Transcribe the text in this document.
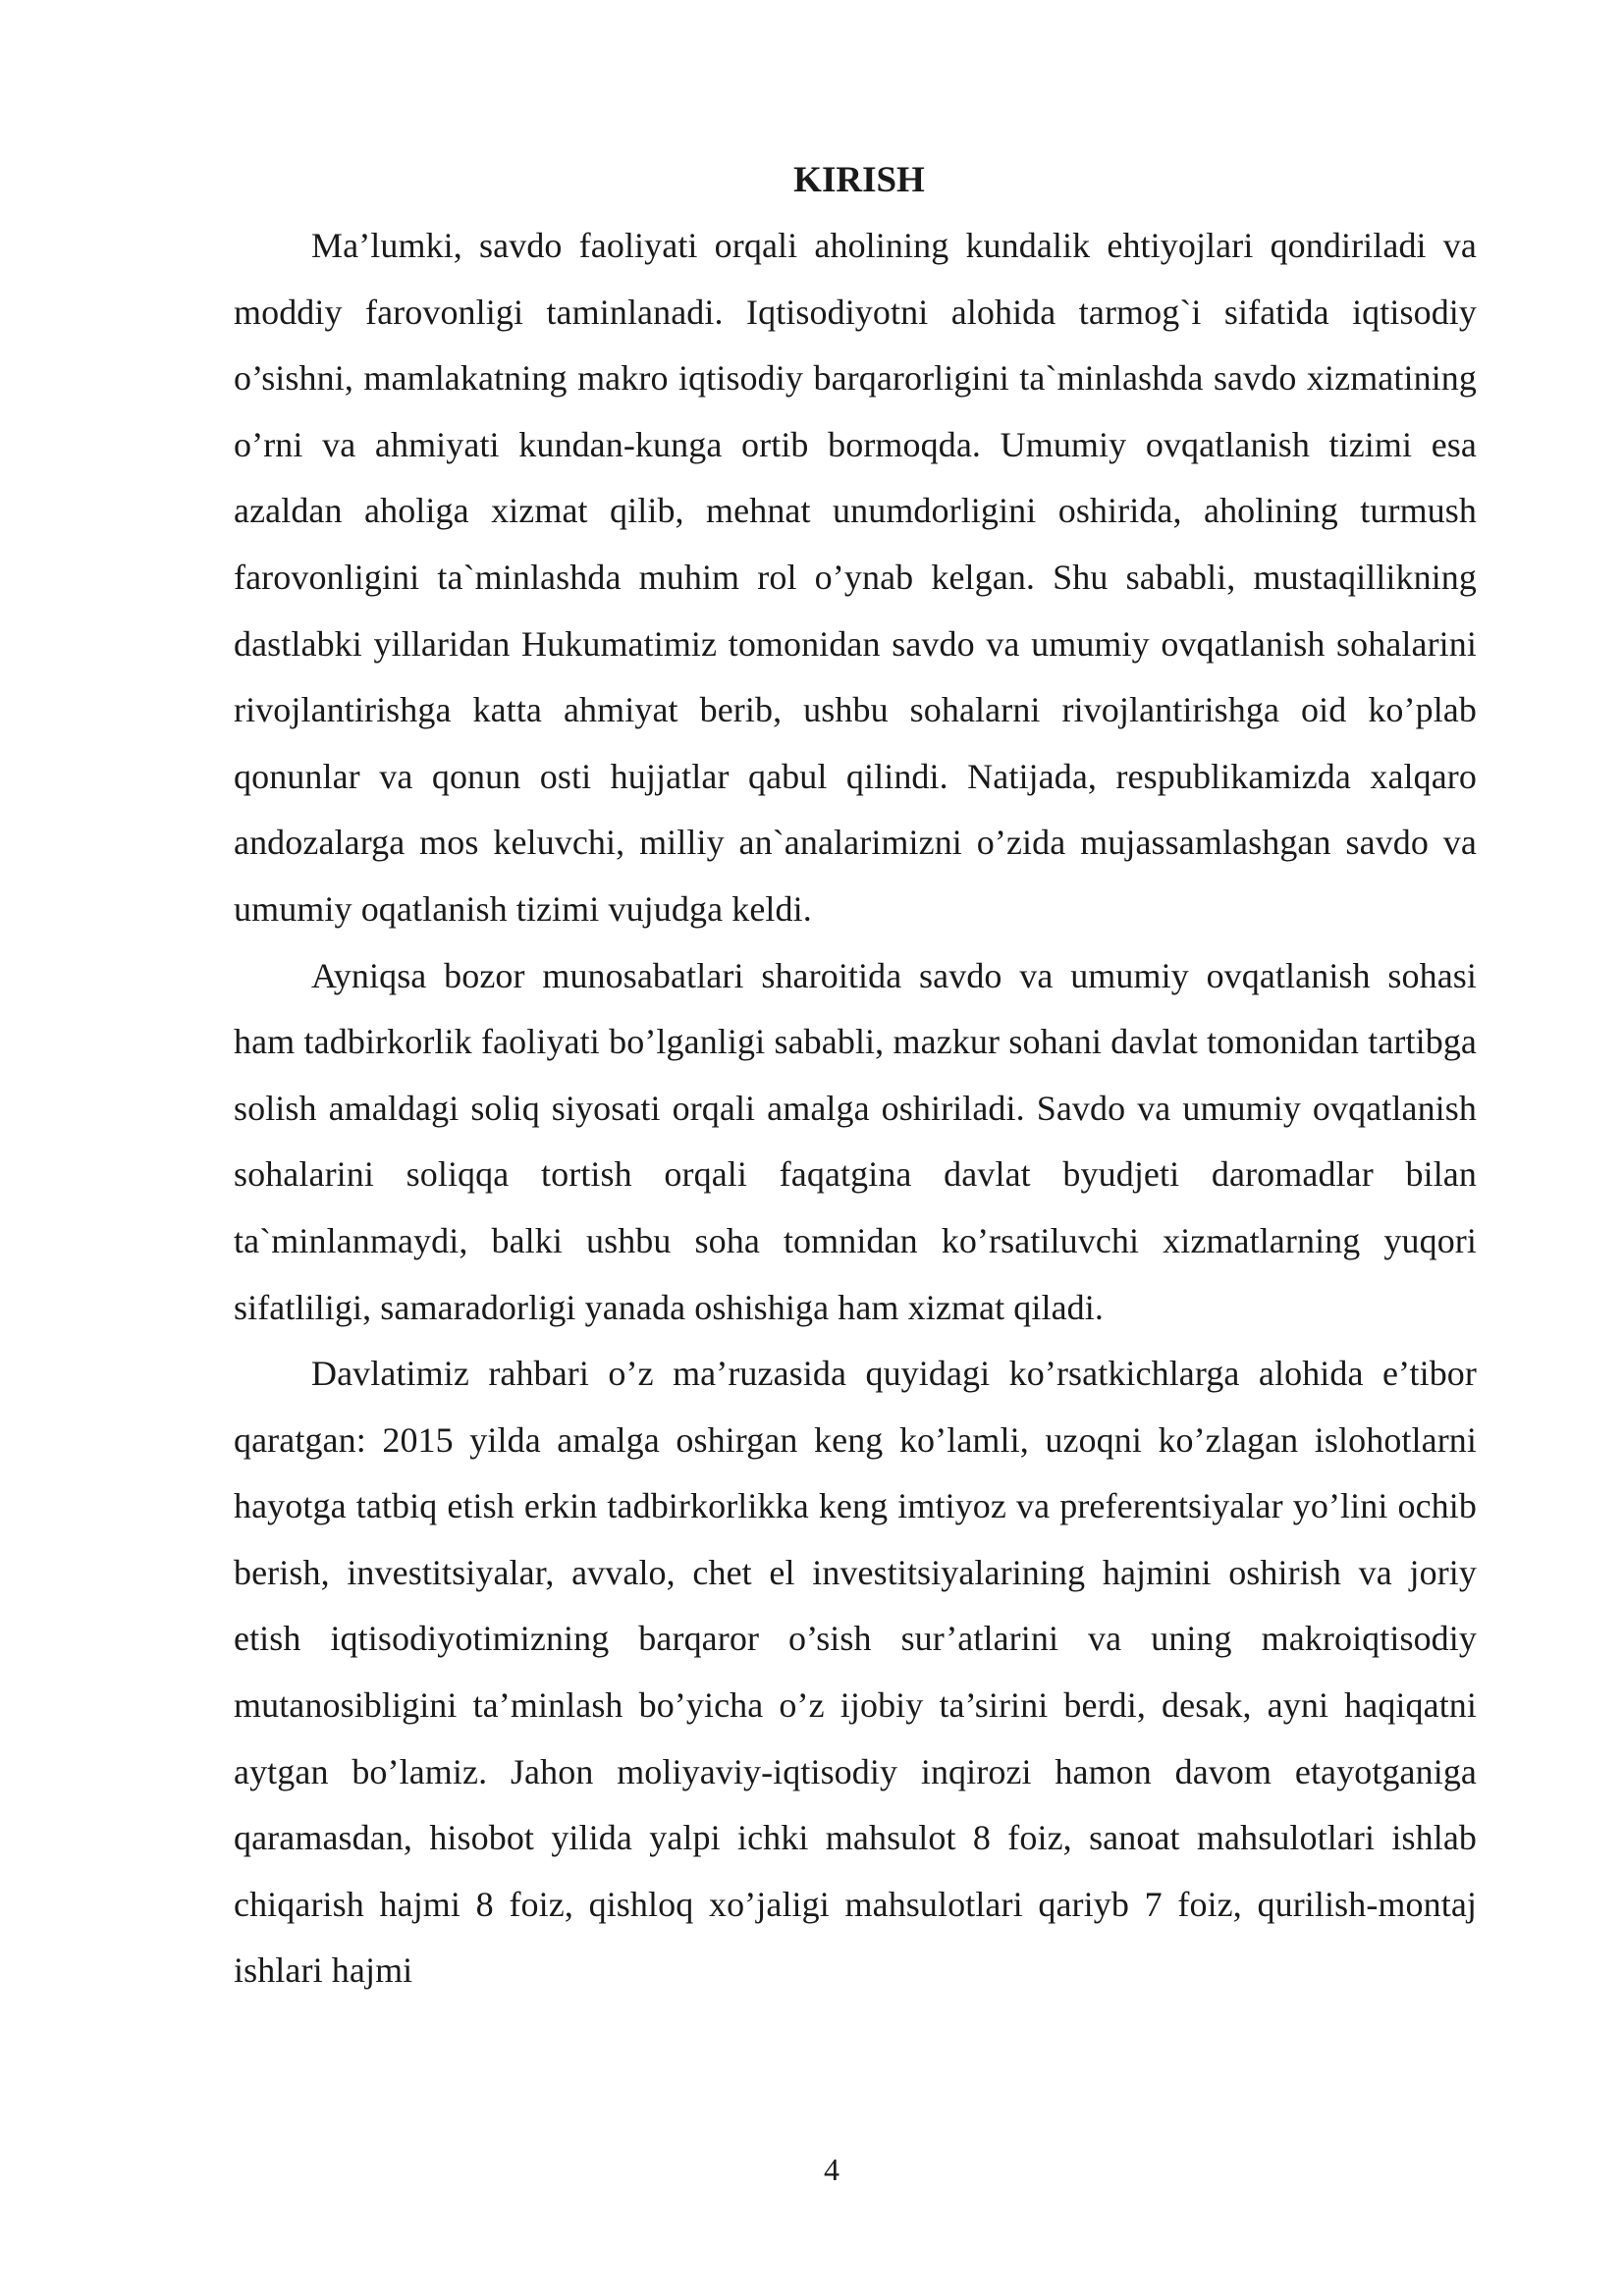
KIRISH

Ma’lumki, savdo faoliyati orqali aholining kundalik ehtiyojlari qondiriladi va moddiy farovonligi taminlanadi. Iqtisodiyotni alohida tarmog`i sifatida iqtisodiy o’sishni, mamlakatning makro iqtisodiy barqarorligini ta`minlashda savdo xizmatining o’rni va ahmiyati kundan-kunga ortib bormoqda. Umumiy ovqatlanish tizimi esa azaldan aholiga xizmat qilib, mehnat unumdorligini oshirida, aholining turmush farovonligini ta`minlashda muhim rol o’ynab kelgan. Shu sababli, mustaqillikning dastlabki yillaridan Hukumatimiz tomonidan savdo va umumiy ovqatlanish sohalarini rivojlantirishga katta ahmiyat berib, ushbu sohalarni rivojlantirishga oid ko’plab qonunlar va qonun osti hujjatlar qabul qilindi. Natijada, respublikamizda xalqaro andozalarga mos keluvchi, milliy an`analarimizni o’zida mujassamlashgan savdo va umumiy oqatlanish tizimi vujudga keldi.

Ayniqsa bozor munosabatlari sharoitida savdo va umumiy ovqatlanish sohasi ham tadbirkorlik faoliyati bo’lganligi sababli, mazkur sohani davlat tomonidan tartibga solish amaldagi soliq siyosati orqali amalga oshiriladi. Savdo va umumiy ovqatlanish sohalarini soliqqa tortish orqali faqatgina davlat byudjeti daromadlar bilan ta`minlanmaydi, balki ushbu soha tomnidan ko’rsatiluvchi xizmatlarning yuqori sifatliligi, samaradorligi yanada oshishiga ham xizmat qiladi.

Davlatimiz rahbari o’z ma’ruzasida quyidagi ko’rsatkichlarga alohida e’tibor qaratgan: 2015 yilda amalga oshirgan keng ko’lamli, uzoqni ko’zlagan islohotlarni hayotga tatbiq etish erkin tadbirkorlikka keng imtiyoz va preferentsiyalar yo’lini ochib berish, investitsiyalar, avvalo, chet el investitsiyalarining hajmini oshirish va joriy etish iqtisodiyotimizning barqaror o’sish sur’atlarini va uning makroiqtisodiy mutanosibligini ta’minlash bo’yicha o’z ijobiy ta’sirini berdi, desak, ayni haqiqatni aytgan bo’lamiz. Jahon moliyaviy-iqtisodiy inqirozi hamon davom etayotganiga qaramasdan, hisobot yilida yalpi ichki mahsulot 8 foiz, sanoat mahsulotlari ishlab chiqarish hajmi 8 foiz, qishloq xo’jaligi mahsulotlari qariyb 7 foiz, qurilish-montaj ishlari hajmi

4
